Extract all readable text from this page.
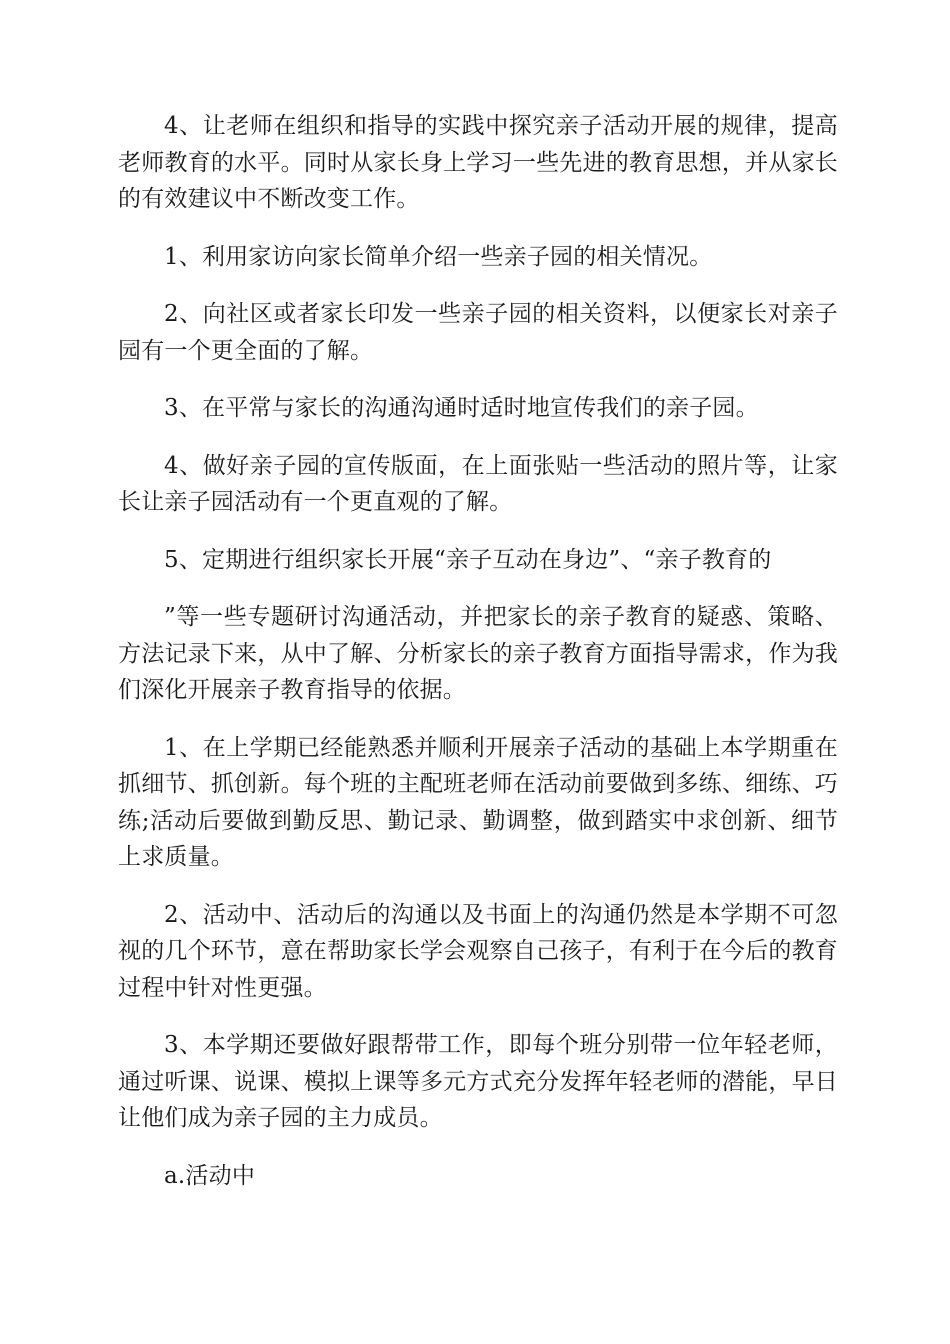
4、让老师在组织和指导的实践中探究亲子活动开展的规律，提高老师教育的水平。同时从家长身上学习一些先进的教育思想，并从家长的有效建议中不断改变工作。

1、利用家访向家长简单介绍一些亲子园的相关情况。

2、向社区或者家长印发一些亲子园的相关资料，以便家长对亲子园有一个更全面的了解。

3、在平常与家长的沟通沟通时适时地宣传我们的亲子园。

4、做好亲子园的宣传版面，在上面张贴一些活动的照片等，让家长让亲子园活动有一个更直观的了解。

5、定期进行组织家长开展“亲子互动在身边”、“亲子教育的

”等一些专题研讨沟通活动，并把家长的亲子教育的疑惑、策略、方法记录下来，从中了解、分析家长的亲子教育方面指导需求，作为我们深化开展亲子教育指导的依据。

1、在上学期已经能熟悉并顺利开展亲子活动的基础上本学期重在抓细节、抓创新。每个班的主配班老师在活动前要做到多练、细练、巧练;活动后要做到勤反思、勤记录、勤调整，做到踏实中求创新、细节上求质量。

2、活动中、活动后的沟通以及书面上的沟通仍然是本学期不可忽视的几个环节，意在帮助家长学会观察自己孩子，有利于在今后的教育过程中针对性更强。

3、本学期还要做好跟帮带工作，即每个班分别带一位年轻老师，通过听课、说课、模拟上课等多元方式充分发挥年轻老师的潜能，早日让他们成为亲子园的主力成员。

a.活动中
